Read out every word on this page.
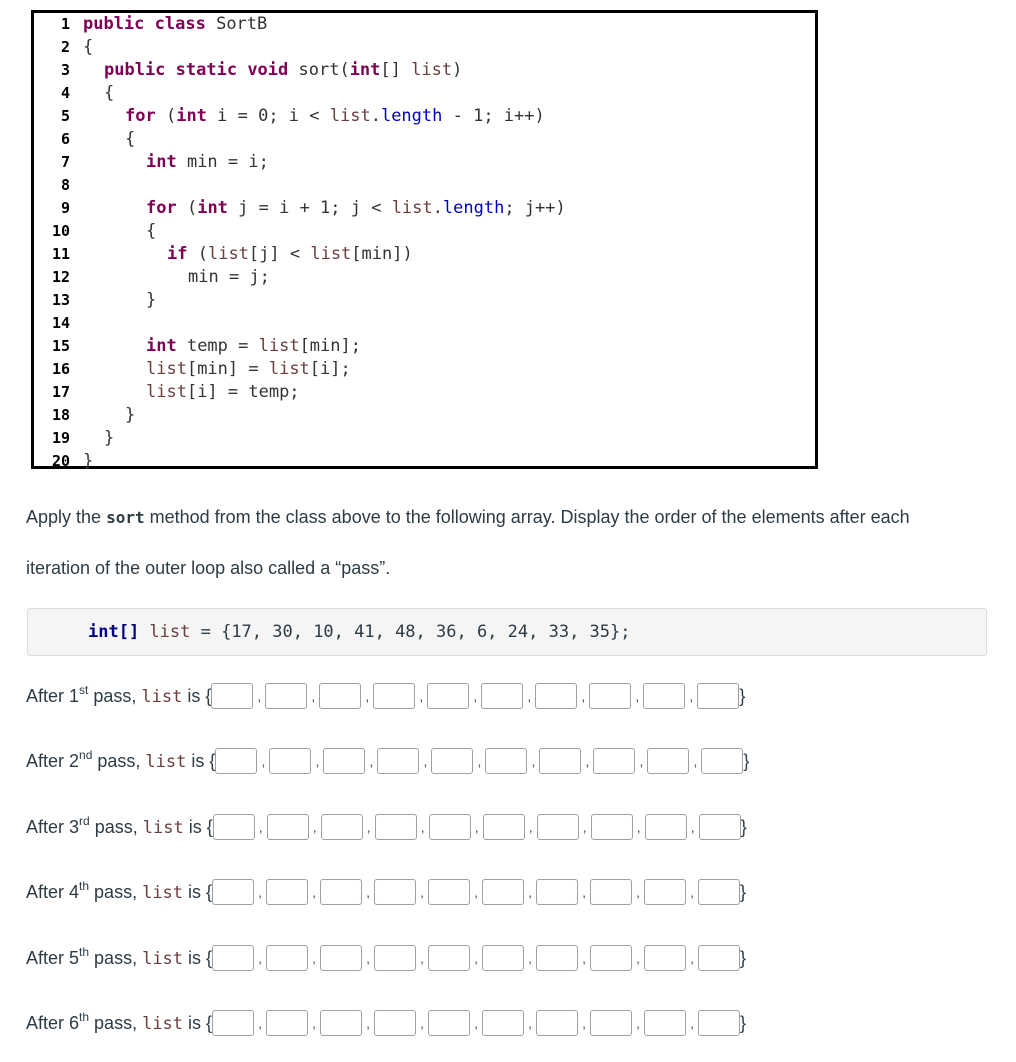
1 public class SortB
2 {
3 public static void sort(int[] list)
4 {
5	for (int i = 0; i < list.length - 1; i++)
6	{
7	int min = i;
8
9	for (int j = i + 1; j < list.length; j++)
10	{
11	if (list[j] < list[min])
12	min = j;
13	}
14
15	int temp = list[min];
16	list[min] = list[i];
17	list[i] = temp;
18	}
19 }
20 }
Apply the sort method from the class above to the following array. Display the order of the elements after each
iteration of the outer loop also called a “pass”.
int[] list = {17, 30, 10, 41, 48, 36, 6, 24, 33, 35};
After 1st pass, list is {	,	,	,	,	,	,	,	,	,	}
After 2nd pass, list is {	,	,	,	,	,	,	,	,	,	}
After 3rd pass, list is {	,	,	,	,	,	,	,	,	,	}
After 4th pass, list is {	,	,	,	,	,	,	,	,	,	}
After 5th pass, list is {	,	,	,	,	,	,	,	,	,	}
After 6th pass, list is {	,	,	,	,	,	,	,	,	,	}
